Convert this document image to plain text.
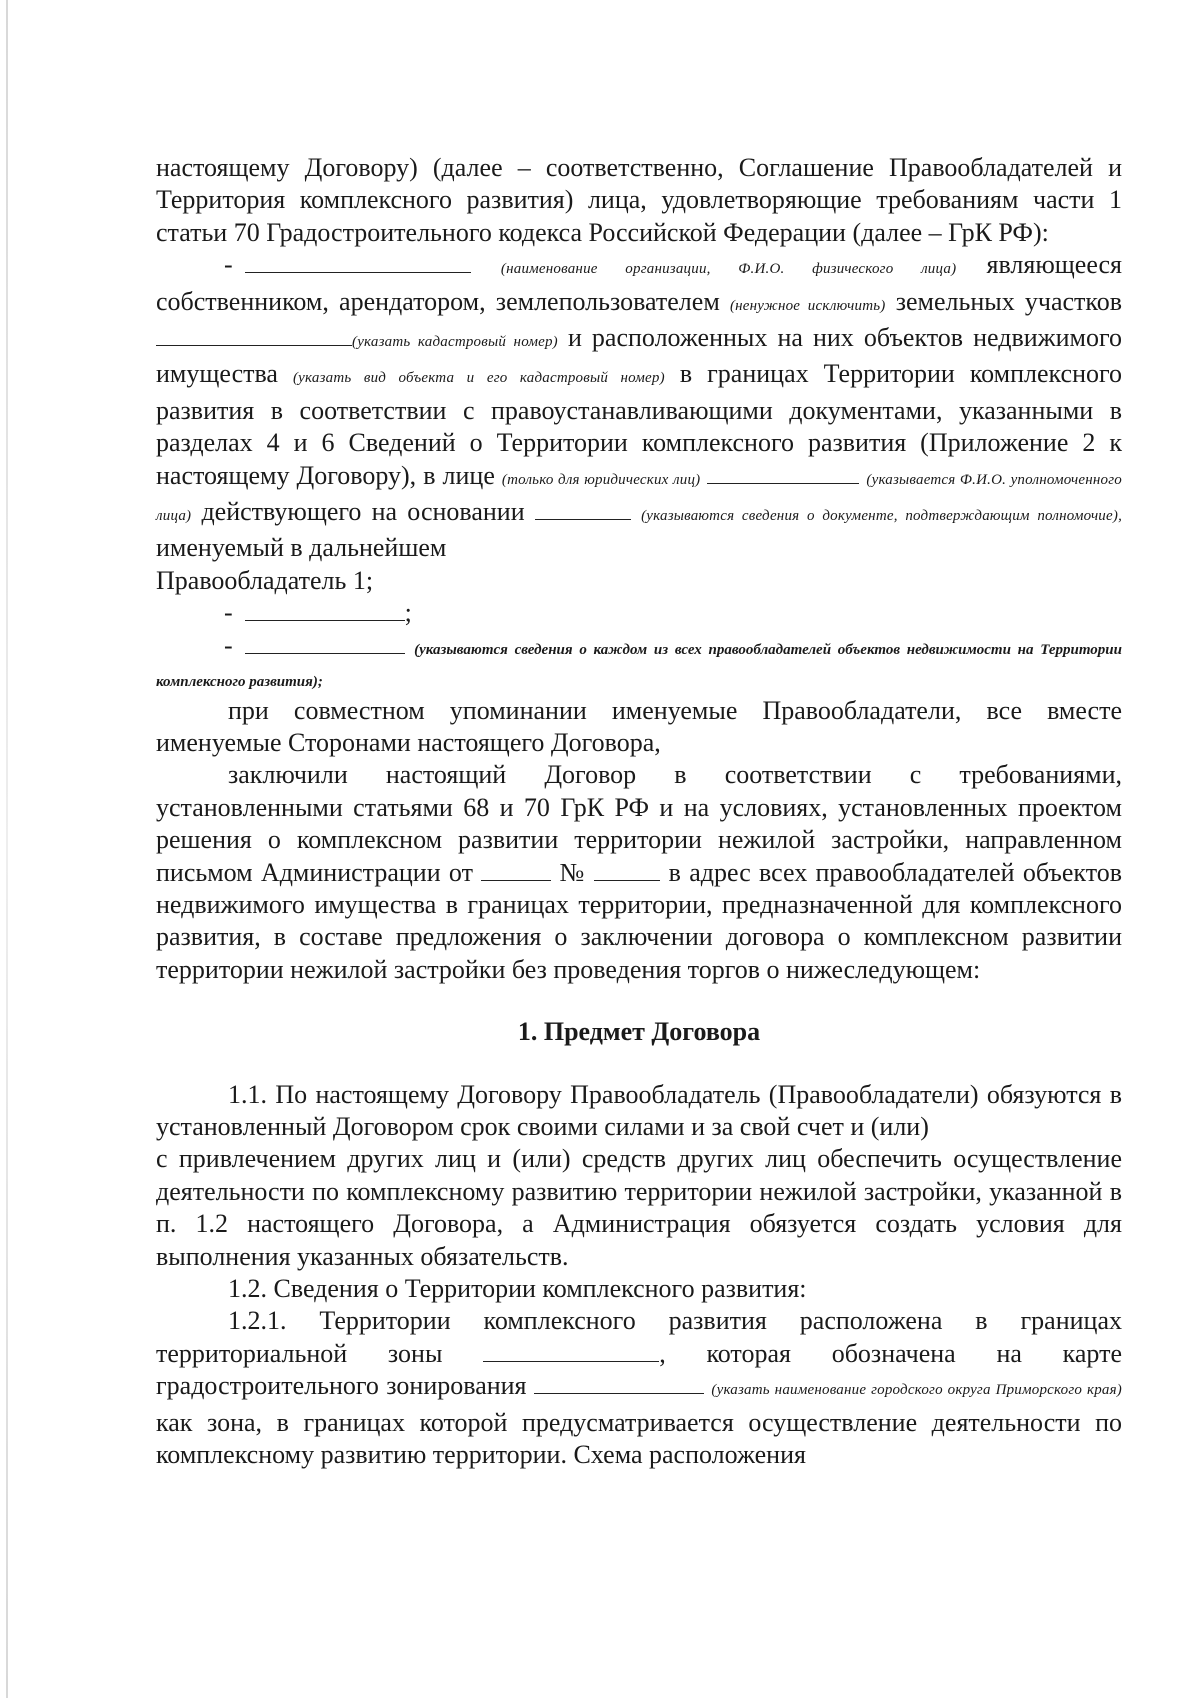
настоящему Договору) (далее – соответственно, Соглашение Правообладателей и Территория комплексного развития) лица, удовлетворяющие требованиям части 1 статьи 70 Градостроительного кодекса Российской Федерации (далее – ГрК РФ):

-	(наименование организации, Ф.И.О. физического лица) являющееся собственником, арендатором, землепользователем (ненужное исключить) земельных участков (указать кадастровый номер) и расположенных на них объектов недвижимого имущества (указать вид объекта и его кадастровый номер) в границах Территории комплексного развития в соответствии с правоустанавливающими документами, указанными в разделах 4 и 6 Сведений о Территории комплексного развития (Приложение 2 к настоящему Договору), в лице (только для юридических лиц)	(указывается Ф.И.О. уполномоченного лица) действующего на основании	(указываются сведения о документе, подтверждающим полномочие), именуемый в дальнейшем
Правообладатель 1;

-	;

-	(указываются сведения о каждом из всех правообладателей объектов недвижимости на Территории комплексного развития);

при совместном упоминании именуемые Правообладатели, все вместе именуемые Сторонами настоящего Договора,

заключили настоящий Договор в соответствии с требованиями, установленными статьями 68 и 70 ГрК РФ и на условиях, установленных проектом решения о комплексном развитии территории нежилой застройки, направленном письмом Администрации от	№	в адрес всех правообладателей объектов недвижимого имущества в границах территории, предназначенной для комплексного развития, в составе предложения о заключении договора о комплексном развитии территории нежилой застройки без проведения торгов о нижеследующем:

1. Предмет Договора

1.1. По настоящему Договору Правообладатель (Правообладатели) обязуются в установленный Договором срок своими силами и за свой счет и (или)

с привлечением других лиц и (или) средств других лиц обеспечить осуществление деятельности по комплексному развитию территории нежилой застройки, указанной в п. 1.2 настоящего Договора, а Администрация обязуется создать условия для выполнения указанных обязательств.

1.2. Сведения о Территории комплексного развития:

1.2.1. Территории комплексного развития расположена в границах территориальной зоны	, которая обозначена на карте градостроительного зонирования	(указать наименование городского округа Приморского края) как зона, в границах которой предусматривается осуществление деятельности по комплексному развитию территории. Схема расположения
